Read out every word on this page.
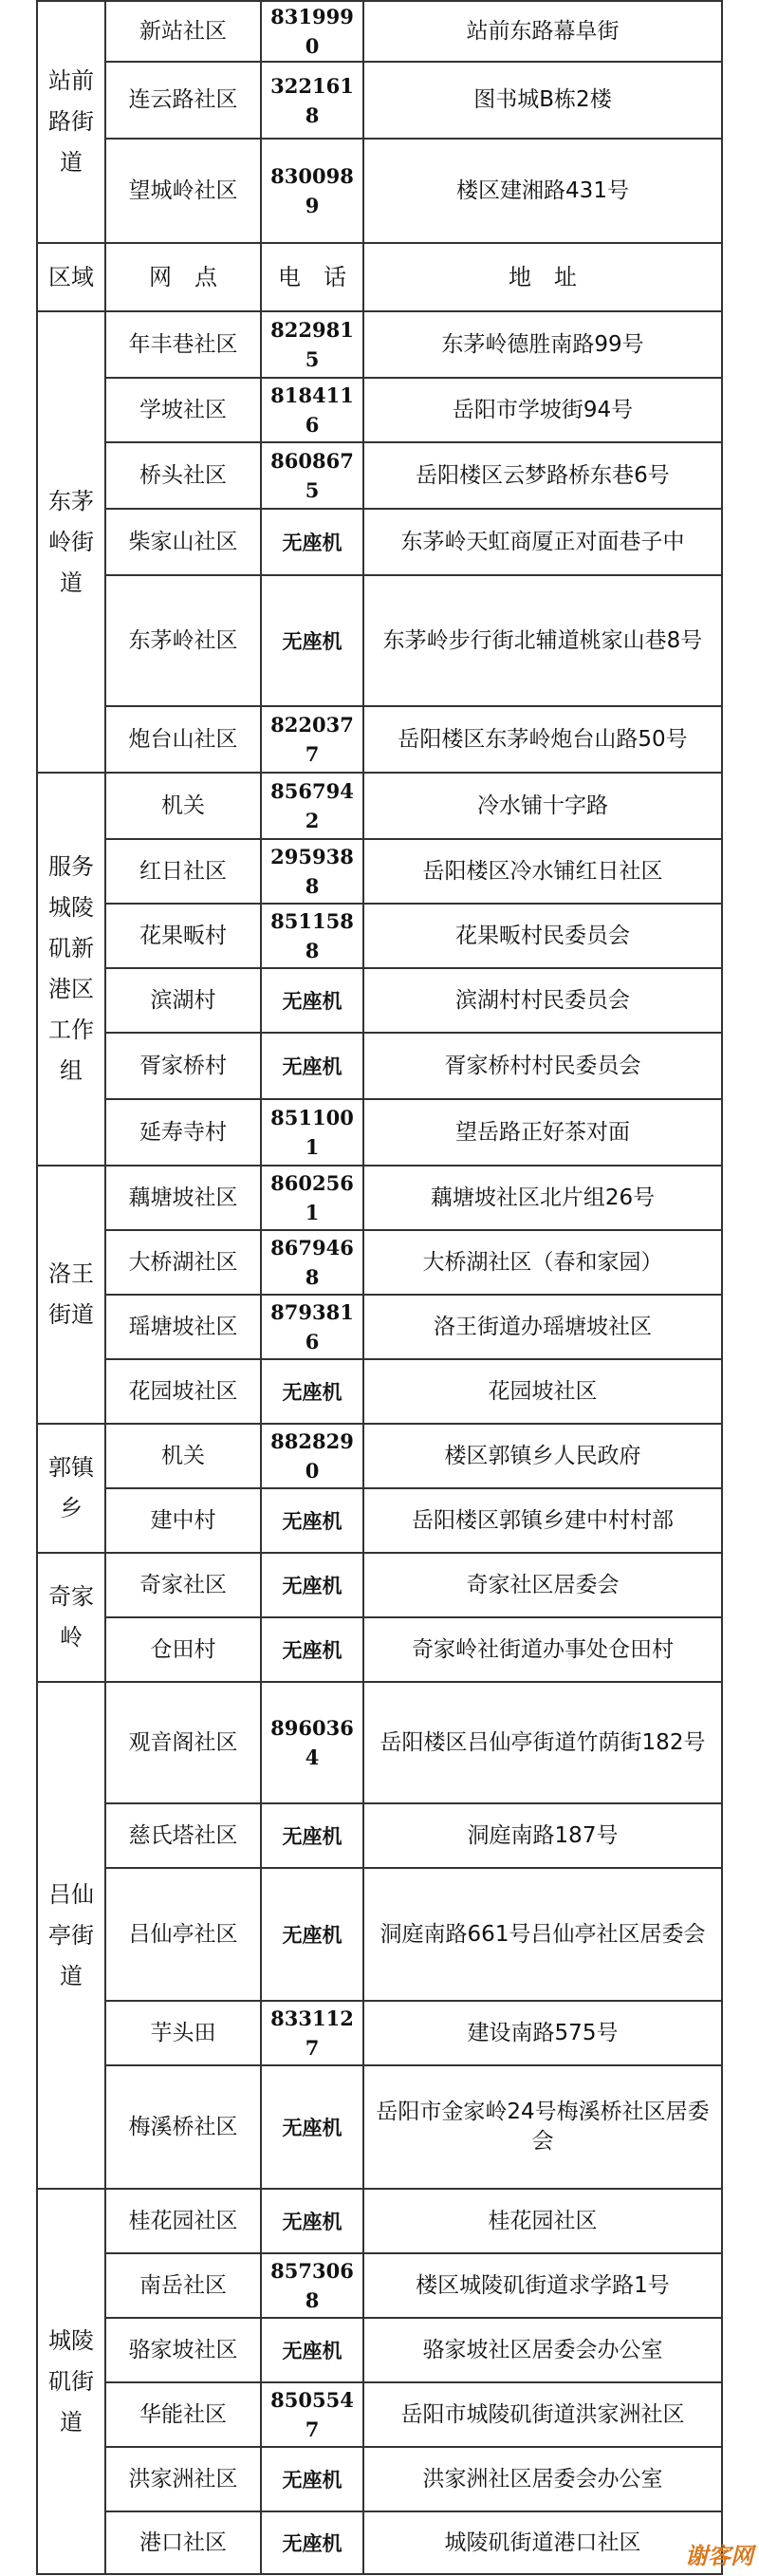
站前路街道	新站社区	8319990	站前东路幕阜街
	连云路社区	3221618	图书城B栋2楼
	望城岭社区	8300989	楼区建湘路431号
区域	网　点	电　话	地　址
东茅岭街道	年丰巷社区	8229815	东茅岭德胜南路99号
	学坡社区	8184116	岳阳市学坡街94号
	桥头社区	8608675	岳阳楼区云梦路桥东巷6号
	柴家山社区	无座机	东茅岭天虹商厦正对面巷子中
	东茅岭社区	无座机	东茅岭步行街北辅道桃家山巷8号
	炮台山社区	8220377	岳阳楼区东茅岭炮台山路50号
服务城陵矶新港区工作组	机关	8567942	冷水铺十字路
	红日社区	2959388	岳阳楼区冷水铺红日社区
	花果畈村	8511588	花果畈村民委员会
	滨湖村	无座机	滨湖村村民委员会
	胥家桥村	无座机	胥家桥村村民委员会
	延寿寺村	8511001	望岳路正好茶对面
洛王街道	藕塘坡社区	8602561	藕塘坡社区北片组26号
	大桥湖社区	8679468	大桥湖社区（春和家园）
	瑶塘坡社区	8793816	洛王街道办瑶塘坡社区
	花园坡社区	无座机	花园坡社区
郭镇乡	机关	8828290	楼区郭镇乡人民政府
	建中村	无座机	岳阳楼区郭镇乡建中村村部
奇家岭	奇家社区	无座机	奇家社区居委会
	仓田村	无座机	奇家岭社街道办事处仓田村
吕仙亭街道	观音阁社区	8960364	岳阳楼区吕仙亭街道竹荫街182号
	慈氏塔社区	无座机	洞庭南路187号
	吕仙亭社区	无座机	洞庭南路661号吕仙亭社区居委会
	芋头田	8331127	建设南路575号
	梅溪桥社区	无座机	岳阳市金家岭24号梅溪桥社区居委会
城陵矶街道	桂花园社区	无座机	桂花园社区
	南岳社区	8573068	楼区城陵矶街道求学路1号
	骆家坡社区	无座机	骆家坡社区居委会办公室
	华能社区	8505547	岳阳市城陵矶街道洪家洲社区
	洪家洲社区	无座机	洪家洲社区居委会办公室
	港口社区	无座机	城陵矶街道港口社区
谢客网
